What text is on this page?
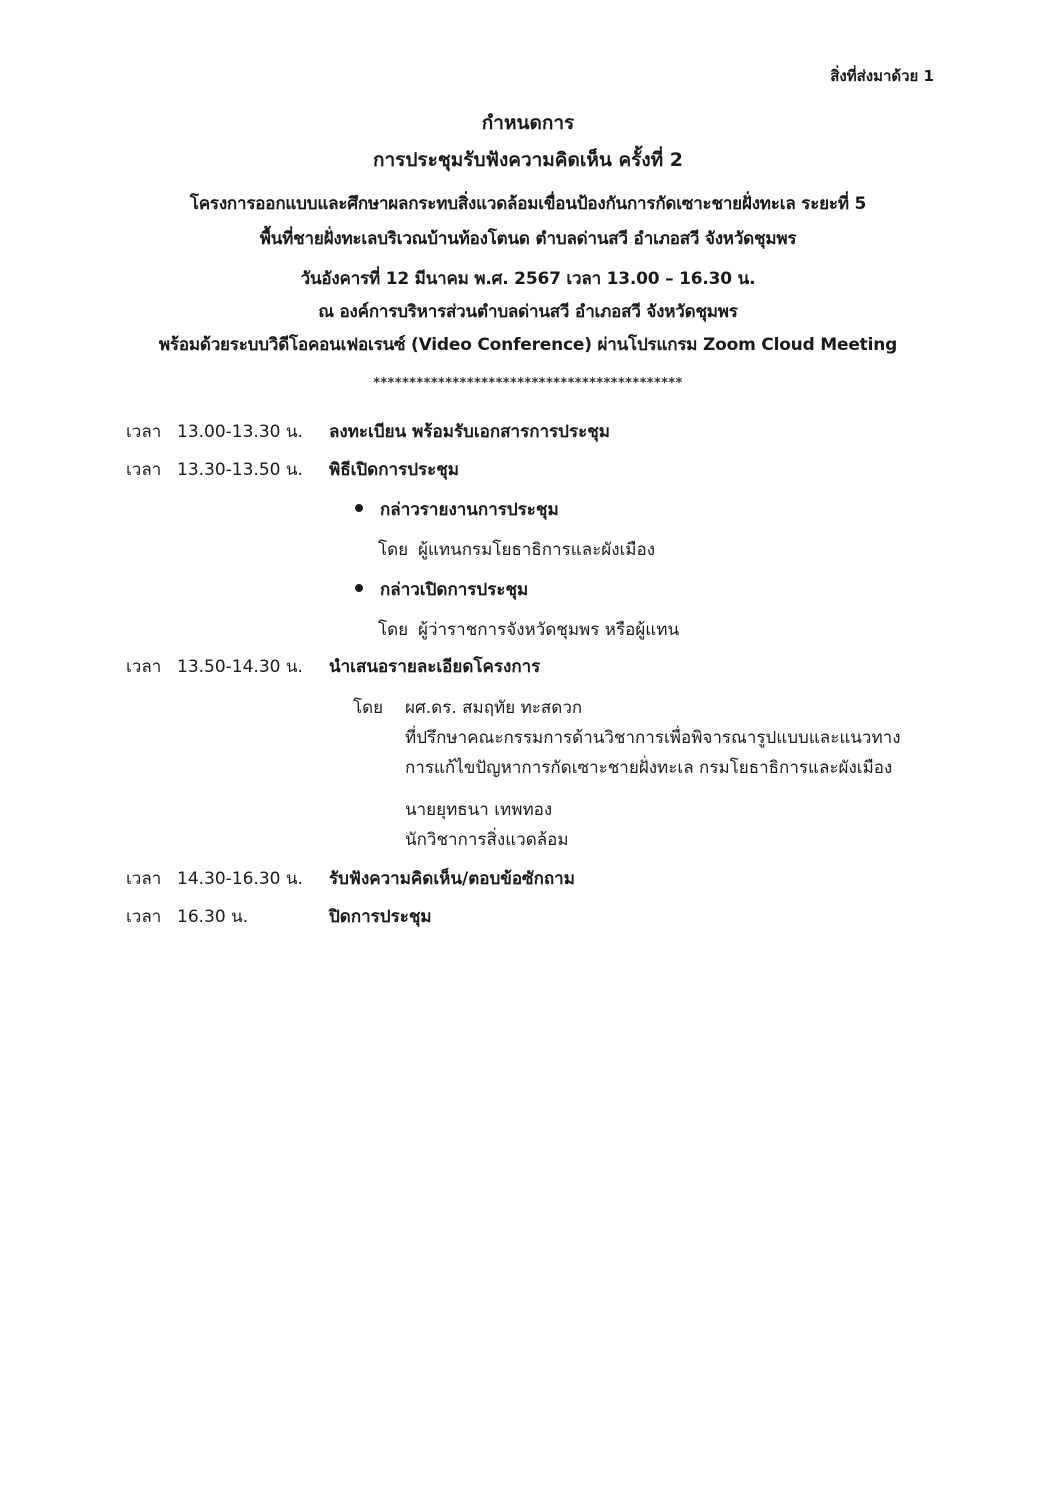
สิ่งที่ส่งมาด้วย 1
กำหนดการ
การประชุมรับฟังความคิดเห็น ครั้งที่ 2
โครงการออกแบบและศึกษาผลกระทบสิ่งแวดล้อมเขื่อนป้องกันการกัดเซาะชายฝั่งทะเล ระยะที่ 5
พื้นที่ชายฝั่งทะเลบริเวณบ้านท้องโตนด ตำบลด่านสวี อำเภอสวี จังหวัดชุมพร
วันอังคารที่ 12 มีนาคม พ.ศ. 2567 เวลา 13.00 – 16.30 น.
ณ องค์การบริหารส่วนตำบลด่านสวี อำเภอสวี จังหวัดชุมพร
พร้อมด้วยระบบวิดีโอคอนเฟอเรนซ์ (Video Conference) ผ่านโปรแกรม Zoom Cloud Meeting
*******************************************
เวลา 13.00-13.30 น. ลงทะเบียน พร้อมรับเอกสารการประชุม
เวลา 13.30-13.50 น. พิธีเปิดการประชุม
กล่าวรายงานการประชุม
โดย ผู้แทนกรมโยธาธิการและผังเมือง
กล่าวเปิดการประชุม
โดย ผู้ว่าราชการจังหวัดชุมพร หรือผู้แทน
เวลา 13.50-14.30 น. นำเสนอรายละเอียดโครงการ
โดย ผศ.ดร. สมฤทัย ทะสดวก
ที่ปรึกษาคณะกรรมการด้านวิชาการเพื่อพิจารณารูปแบบและแนวทาง
การแก้ไขปัญหาการกัดเซาะชายฝั่งทะเล กรมโยธาธิการและผังเมือง
นายยุทธนา เทพทอง
นักวิชาการสิ่งแวดล้อม
เวลา 14.30-16.30 น. รับฟังความคิดเห็น/ตอบข้อซักถาม
เวลา 16.30 น.	ปิดการประชุม
